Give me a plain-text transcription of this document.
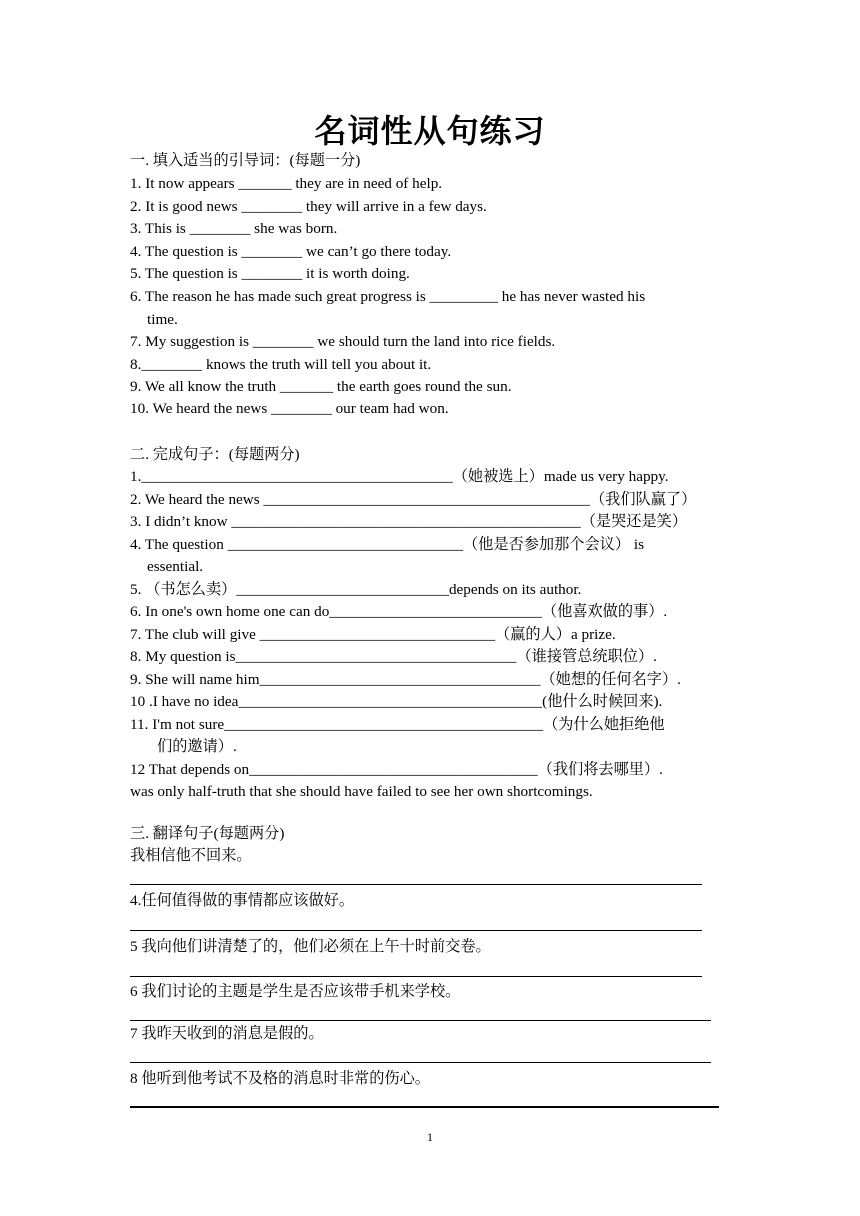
名词性从句练习
一. 填入适当的引导词：(每题一分)
1. It now appears _______ they are in need of help.
2. It is good news ________ they will arrive in a few days.
3. This is ________ she was born.
4. The question is ________ we can’t go there today.
5. The question is ________ it is worth doing.
6. The reason he has made such great progress is _________ he has never wasted his
time.
7. My suggestion is ________ we should turn the land into rice fields.
8.________ knows the truth will tell you about it.
9. We all know the truth _______ the earth goes round the sun.
10. We heard the news ________ our team had won.
二. 完成句子：(每题两分)
1._________________________________________（她被选上）made us very happy.
2. We heard the news ___________________________________________（我们队赢了）
3. I didn’t know ______________________________________________（是哭还是笑）
4. The question _______________________________（他是否参加那个会议） is
essential.
5. （书怎么卖）____________________________depends on its author.
6. In one's own home one can do____________________________（他喜欢做的事）.
7. The club will give _______________________________（赢的人）a prize.
8. My question is_____________________________________（谁接管总统职位）.
9. She will name him_____________________________________（她想的任何名字）.
10 .I have no idea________________________________________(他什么时候回来).
11. I'm not sure__________________________________________（为什么她拒绝他
们的邀请）.
12 That depends on______________________________________（我们将去哪里）.
was only half-truth that she should have failed to see her own shortcomings.
三. 翻译句子(每题两分)
我相信他不回来。
4.任何值得做的事情都应该做好。
5 我向他们讲清楚了的，他们必须在上午十时前交卷。
6 我们讨论的主题是学生是否应该带手机来学校。
7 我昨天收到的消息是假的。
8 他听到他考试不及格的消息时非常的伤心。
1
